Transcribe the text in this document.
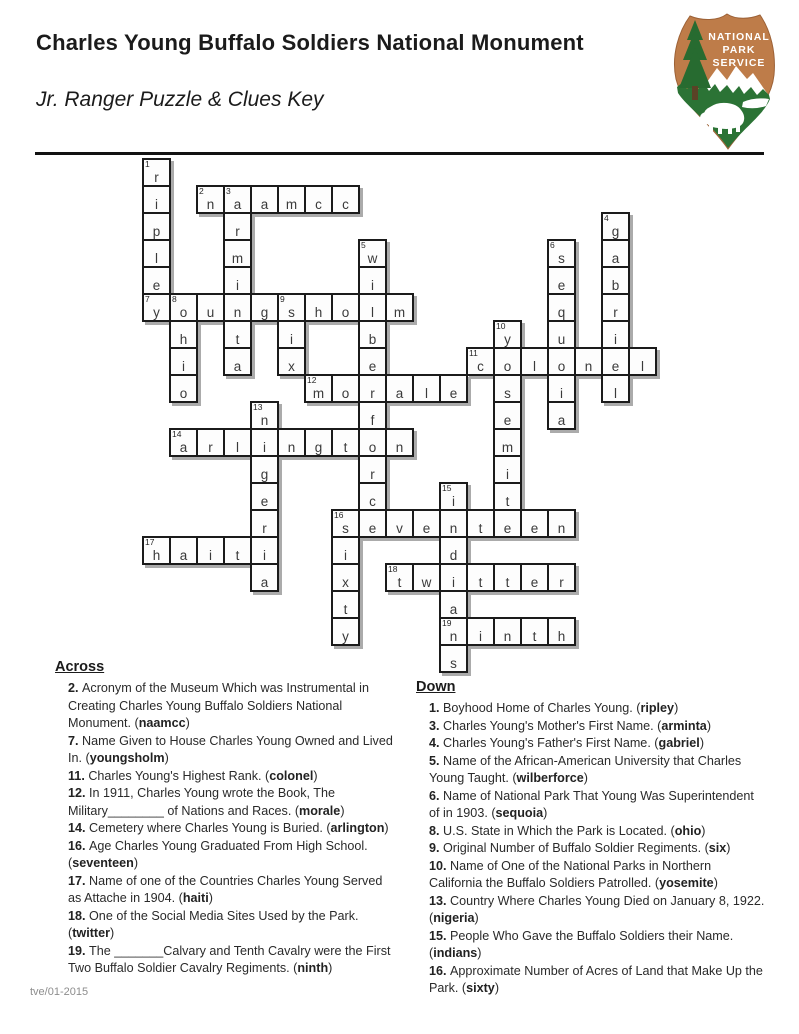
Charles Young Buffalo Soldiers National Monument
Jr. Ranger Puzzle & Clues Key
NATIONAL
PARK
SERVICE
1
r
i
2
n
3
a	a	m	c	c
p	r
4
g
l	m
5
w
6
s	a
e	i	i	e	b
7
y
8
o	u	n	g
9
s	h	o	l	m	q	r
h	t	i	b
10
y	u	i
i	a	x	e
11
c	o	l	o	n	e	l
o
12
m	o	r	a	l	e	s	i	l
13
n	f	e	a
14
a	r	l	i	n	g	t	o	n	m
g	r	i
e	c
15
i	t
r
16
s	e	v	e	n	t	e	e	n
17
h	a	i	t	i	i	d
a	x
18
t	w	i	t	t	e	r
t	a
y
19
n	i	n	t	h
s
Across
2. Acronym of the Museum Which was Instrumental in Creating Charles Young Buffalo Soldiers National Monument. (naamcc)
7. Name Given to House Charles Young Owned and Lived In. (youngsholm)
11. Charles Young's Highest Rank. (colonel)
12. In 1911, Charles Young wrote the Book, The Military________ of Nations and Races. (morale)
14. Cemetery where Charles Young is Buried. (arlington)
16. Age Charles Young Graduated From High School. (seventeen)
17. Name of one of the Countries Charles Young Served as Attache in 1904. (haiti)
18. One of the Social Media Sites Used by the Park. (twitter)
19. The _______Calvary and Tenth Cavalry were the First Two Buffalo Soldier Cavalry Regiments. (ninth)
Down
1. Boyhood Home of Charles Young. (ripley)
3. Charles Young's Mother's First Name. (arminta)
4. Charles Young's Father's First Name. (gabriel)
5. Name of the African-American University that Charles Young Taught. (wilberforce)
6. Name of National Park That Young Was Superintendent of in 1903. (sequoia)
8. U.S. State in Which the Park is Located. (ohio)
9. Original Number of Buffalo Soldier Regiments. (six)
10. Name of One of the National Parks in Northern California the Buffalo Soldiers Patrolled. (yosemite)
13. Country Where Charles Young Died on January 8, 1922. (nigeria)
15. People Who Gave the Buffalo Soldiers their Name. (indians)
16. Approximate Number of Acres of Land that Make Up the Park. (sixty)
tve/01-2015
